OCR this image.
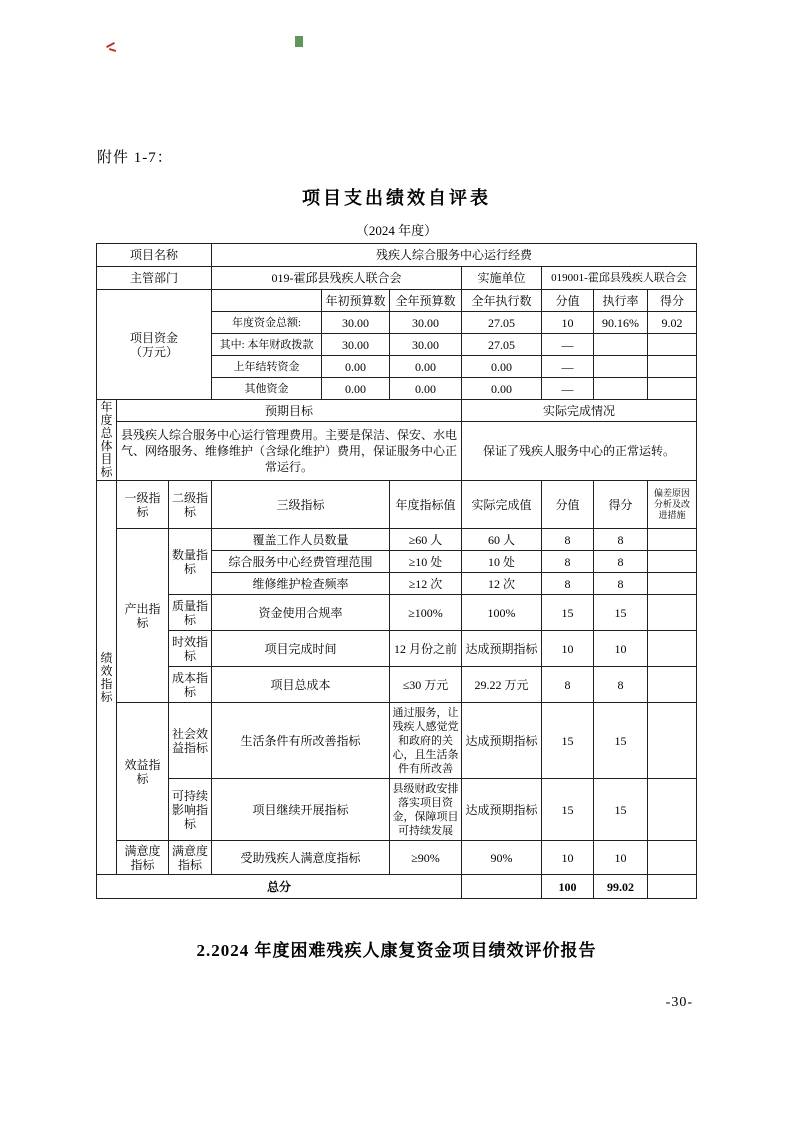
附件 1-7：
项目支出绩效自评表
（2024 年度）
项目名称			残疾人综合服务中心运行经费						
主管部门			019-霍邱县残疾人联合会			实施单位	019001-霍邱县残疾人联合会		

项目资金
（万元）				年初预算数	全年预算数	全年执行数	分值	执行率	得分
			年度资金总额:	30.00	30.00	27.05	10	90.16%	9.02
			其中: 本年财政拨款	30.00	30.00	27.05	—		
			上年结转资金	0.00	0.00	0.00	—		
			其他资金	0.00	0.00	0.00	—		
年度总体目标	预期目标					实际完成情况			
	县残疾人综合服务中心运行管理费用。主要是保洁、保安、水电气、网络服务、维修维护（含绿化维护）费用，保证服务中心正常运行。					保证了残疾人服务中心的正常运转。			
绩效指标	一级指标	二级指标	三级指标		年度指标值	实际完成值	分值	得分	偏差原因分析及改进措施
	产出指标	数量指标	覆盖工作人员数量		≥60 人	60 人	8	8	
			综合服务中心经费管理范围		≥10 处	10 处	8	8	
			维修维护检查频率		≥12 次	12 次	8	8	
		质量指标	资金使用合规率		≥100%	100%	15	15	
		时效指标	项目完成时间		12 月份之前	达成预期指标	10	10	
		成本指标	项目总成本		≤30 万元	29.22 万元	8	8	
	效益指标	社会效益指标	生活条件有所改善指标		通过服务，让残疾人感觉党和政府的关心，且生活条件有所改善	达成预期指标	15	15	
		可持续影响指标	项目继续开展指标		县级财政安排落实项目资金，保障项目可持续发展	达成预期指标	15	15	
	满意度指标	满意度指标	受助残疾人满意度指标		≥90%	90%	10	10	
总分							100	99.02	
2.2024 年度困难残疾人康复资金项目绩效评价报告
-30-
